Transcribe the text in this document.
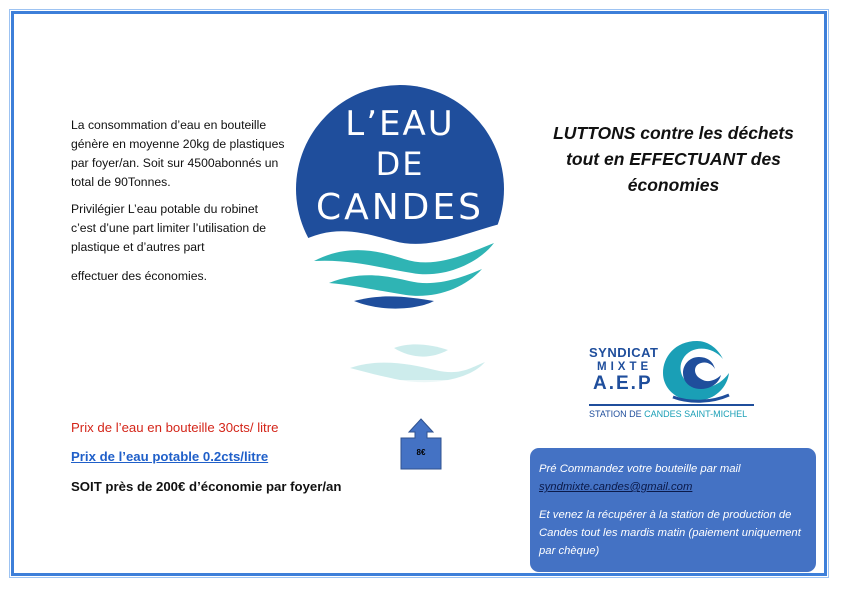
La consommation d’eau en bouteille génère en moyenne 20kg de plastiques par foyer/an. Soit sur 4500abonnés un total de 90Tonnes.

Privilégier L’eau potable du robinet c’est d’une part limiter l’utilisation de plastique et d’autres part

effectuer des économies.

L’EAU
DE
CANDES
LUTTONS contre les déchets
tout en EFFECTUANT des
économies
SYNDICAT
MIXTE
A.E.P
STATION DE CANDES SAINT-MICHEL
Prix de l’eau en bouteille 30cts/ litre
Prix de l’eau potable 0.2cts/litre
SOIT près de 200€ d’économie par foyer/an
8€

Pré Commandez votre bouteille par mail

syndmixte.candes@gmail.com

Et venez la récupérer à la station de production de Candes tout les mardis matin (paiement uniquement par chèque)
